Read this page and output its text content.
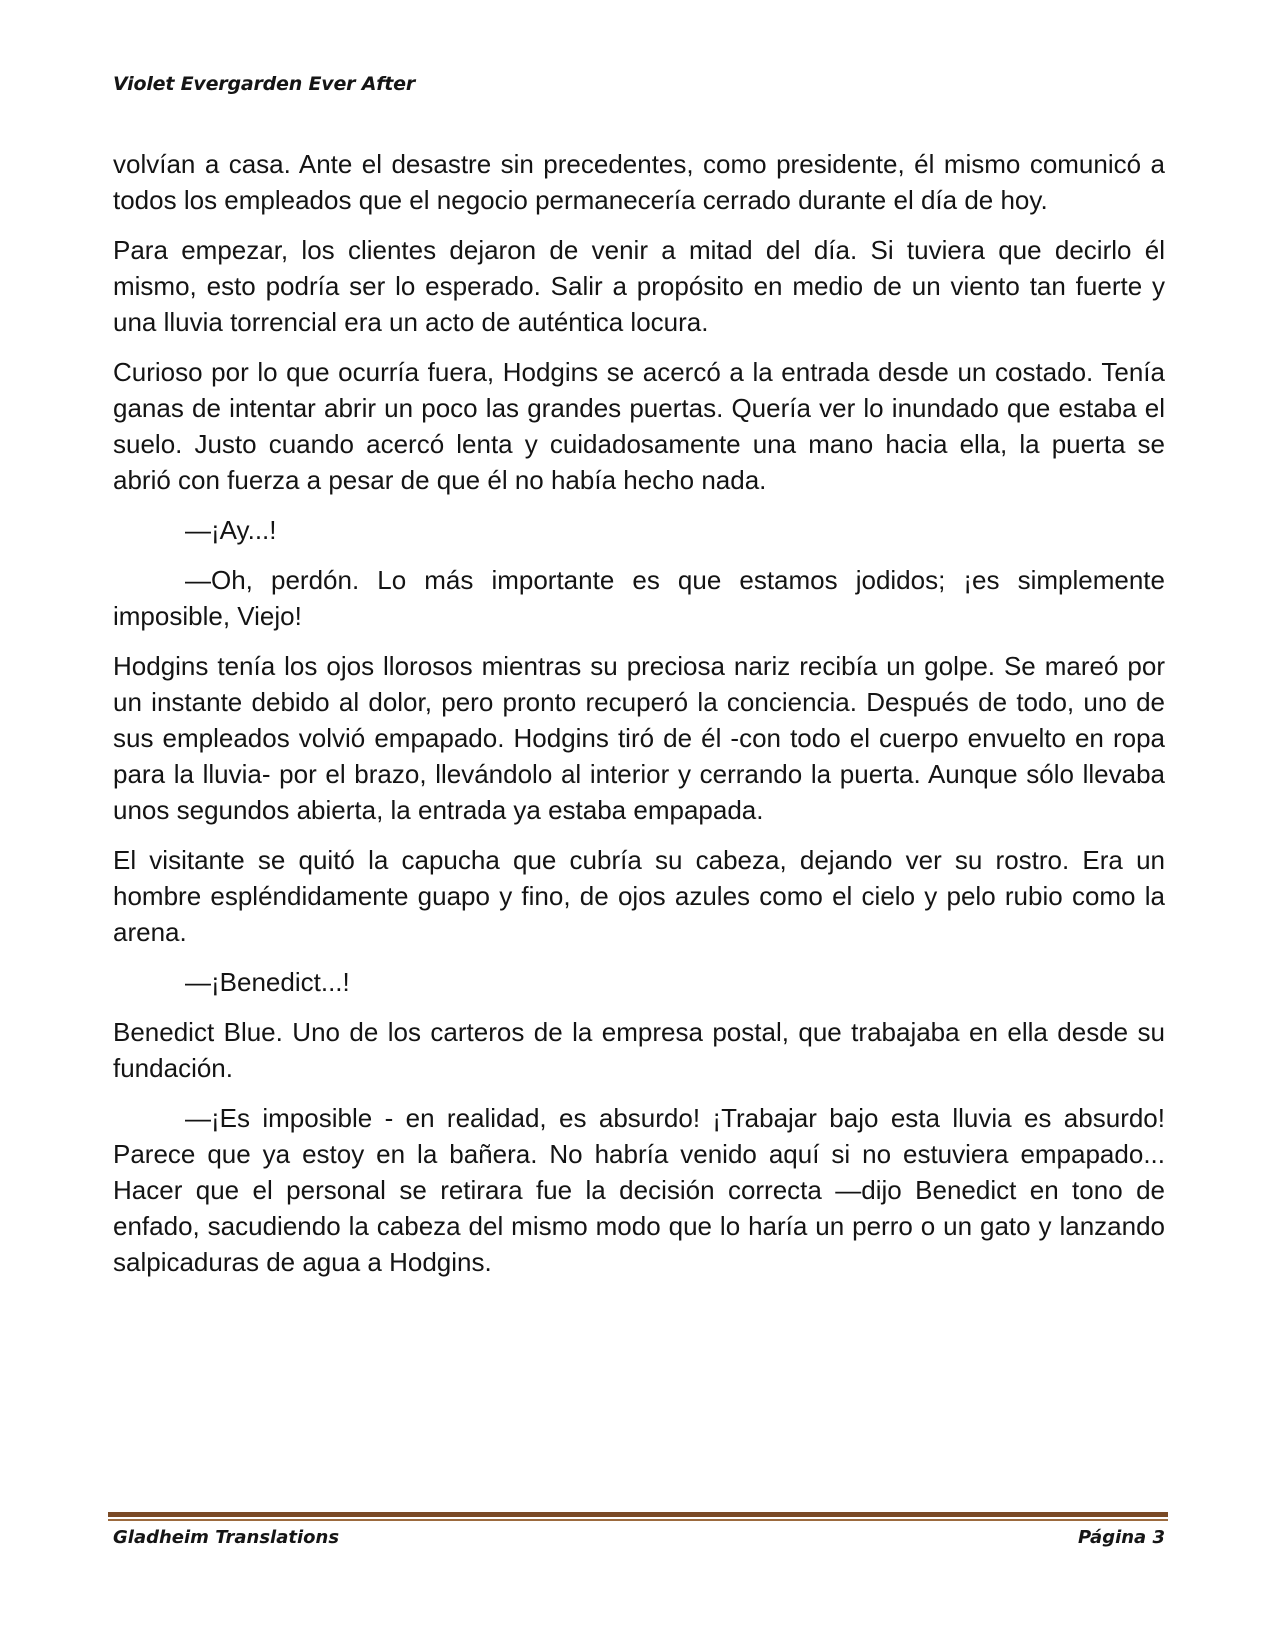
Violet Evergarden Ever After

volvían a casa. Ante el desastre sin precedentes, como presidente, él mismo comunicó a todos los empleados que el negocio permanecería cerrado durante el día de hoy.

Para empezar, los clientes dejaron de venir a mitad del día. Si tuviera que decirlo él mismo, esto podría ser lo esperado. Salir a propósito en medio de un viento tan fuerte y una lluvia torrencial era un acto de auténtica locura.

Curioso por lo que ocurría fuera, Hodgins se acercó a la entrada desde un costado. Tenía ganas de intentar abrir un poco las grandes puertas. Quería ver lo inundado que estaba el suelo. Justo cuando acercó lenta y cuidadosamente una mano hacia ella, la puerta se abrió con fuerza a pesar de que él no había hecho nada.

—¡Ay...!

—Oh, perdón. Lo más importante es que estamos jodidos; ¡es simplemente imposible, Viejo!

Hodgins tenía los ojos llorosos mientras su preciosa nariz recibía un golpe. Se mareó por un instante debido al dolor, pero pronto recuperó la conciencia. Después de todo, uno de sus empleados volvió empapado. Hodgins tiró de él -con todo el cuerpo envuelto en ropa para la lluvia- por el brazo, llevándolo al interior y cerrando la puerta. Aunque sólo llevaba unos segundos abierta, la entrada ya estaba empapada.

El visitante se quitó la capucha que cubría su cabeza, dejando ver su rostro. Era un hombre espléndidamente guapo y fino, de ojos azules como el cielo y pelo rubio como la arena.

—¡Benedict...!

Benedict Blue. Uno de los carteros de la empresa postal, que trabajaba en ella desde su fundación.

—¡Es imposible - en realidad, es absurdo! ¡Trabajar bajo esta lluvia es absurdo! Parece que ya estoy en la bañera. No habría venido aquí si no estuviera empapado... Hacer que el personal se retirara fue la decisión correcta —dijo Benedict en tono de enfado, sacudiendo la cabeza del mismo modo que lo haría un perro o un gato y lanzando salpicaduras de agua a Hodgins.

Gladheim Translations	Página 3
